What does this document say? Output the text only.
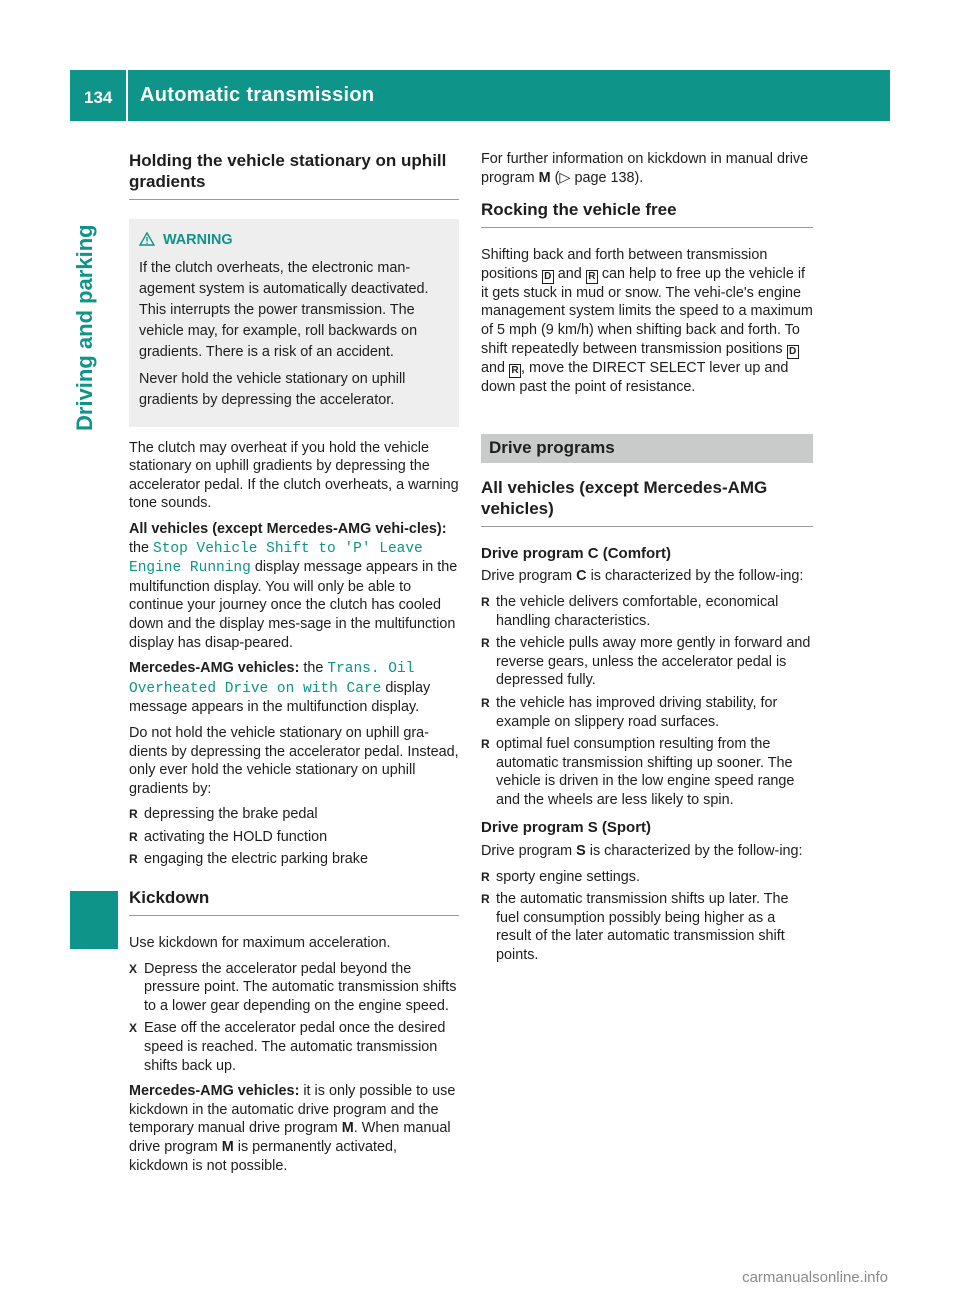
134 Automatic transmission
Driving and parking
Holding the vehicle stationary on uphill gradients
WARNING

If the clutch overheats, the electronic man-agement system is automatically deactivated. This interrupts the power transmission. The vehicle may, for example, roll backwards on gradients. There is a risk of an accident.

Never hold the vehicle stationary on uphill gradients by depressing the accelerator.

The clutch may overheat if you hold the vehicle stationary on uphill gradients by depressing the accelerator pedal. If the clutch overheats, a warning tone sounds.

All vehicles (except Mercedes-AMG vehi-cles): the Stop Vehicle Shift to 'P' Leave Engine Running display message appears in the multifunction display. You will only be able to continue your journey once the clutch has cooled down and the display mes-sage in the multifunction display has disap-peared.

Mercedes-AMG vehicles: the Trans. Oil Overheated Drive on with Care display message appears in the multifunction display.

Do not hold the vehicle stationary on uphill gra-dients by depressing the accelerator pedal. Instead, only ever hold the vehicle stationary on uphill gradients by:

R depressing the brake pedal
R activating the HOLD function
R engaging the electric parking brake
Kickdown

Use kickdown for maximum acceleration.

X Depress the accelerator pedal beyond the pressure point. The automatic transmission shifts to a lower gear depending on the engine speed.
X Ease off the accelerator pedal once the desired speed is reached. The automatic transmission shifts back up.

Mercedes-AMG vehicles: it is only possible to use kickdown in the automatic drive program and the temporary manual drive program M. When manual drive program M is permanently activated, kickdown is not possible.

For further information on kickdown in manual drive program M (▷ page 138).

Rocking the vehicle free

Shifting back and forth between transmission positions D and R can help to free up the vehicle if it gets stuck in mud or snow. The vehi-cle's engine management system limits the speed to a maximum of 5 mph (9 km/h) when shifting back and forth. To shift repeatedly between transmission positions D and R , move the DIRECT SELECT lever up and down past the point of resistance.

Drive programs
All vehicles (except Mercedes-AMG vehicles)
Drive program C (Comfort)

Drive program C is characterized by the follow-ing:

R the vehicle delivers comfortable, economical handling characteristics.
R the vehicle pulls away more gently in forward and reverse gears, unless the accelerator pedal is depressed fully.
R the vehicle has improved driving stability, for example on slippery road surfaces.
R optimal fuel consumption resulting from the automatic transmission shifting up sooner. The vehicle is driven in the low engine speed range and the wheels are less likely to spin.
Drive program S (Sport)

Drive program S is characterized by the follow-ing:

R sporty engine settings.
R the automatic transmission shifts up later. The fuel consumption possibly being higher as a result of the later automatic transmission shift points.
carmanualsonline.info
